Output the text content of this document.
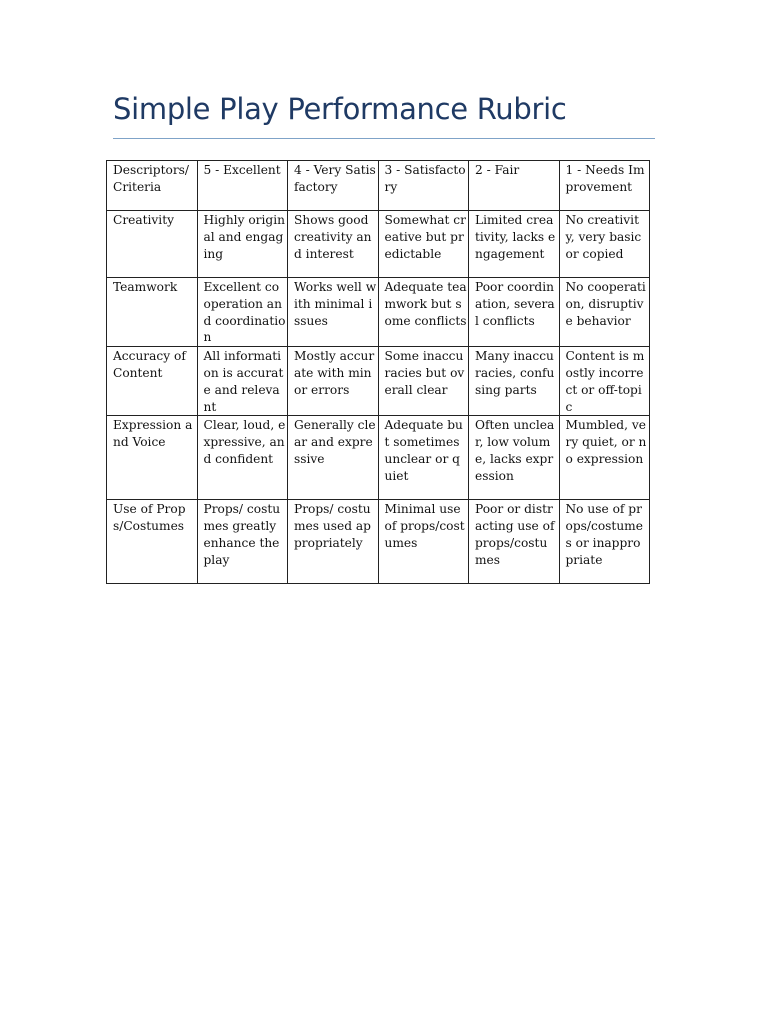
Simple Play Performance Rubric
Descriptors/ Criteria	5 - Excellent	4 - Very Satisfactory	3 - Satisfactory	2 - Fair	1 - Needs Improvement
Creativity	Highly original and engaging	Shows good creativity and interest	Somewhat creative but predictable	Limited creativity, lacks engagement	No creativity, very basic or copied
Teamwork	Excellent cooperation and coordination	Works well with minimal issues	Adequate teamwork but some conflicts	Poor coordination, several conflicts	No cooperation, disruptive behavior
Accuracy of Content	All information is accurate and relevant	Mostly accurate with minor errors	Some inaccuracies but overall clear	Many inaccuracies, confusing parts	Content is mostly incorrect or off-topic
Expression and Voice	Clear, loud, expressive, and confident	Generally clear and expressive	Adequate but sometimes unclear or quiet	Often unclear, low volume, lacks expression	Mumbled, very quiet, or no expression
Use of Props/Costumes	Props/ costumes greatly enhance the play	Props/ costumes used appropriately	Minimal use of props/costumes	Poor or distracting use of props/costumes	No use of props/costumes or inappropriate
